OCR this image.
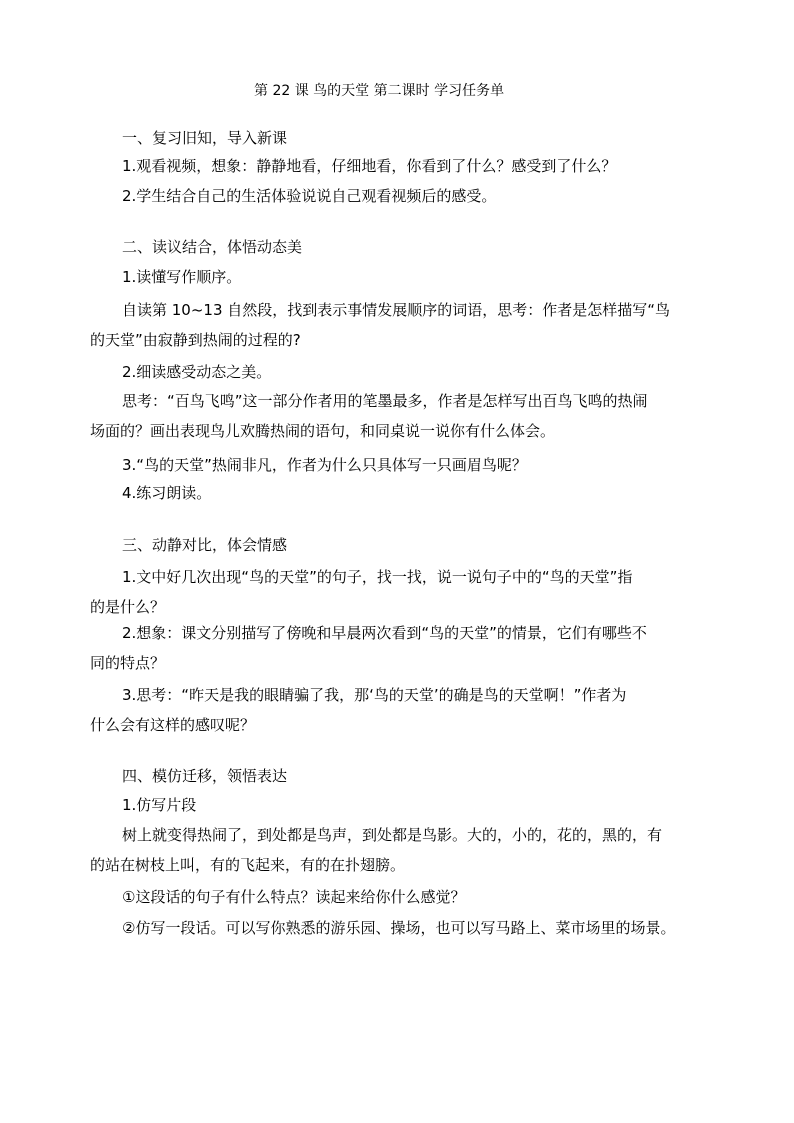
第 22 课 鸟的天堂 第二课时 学习任务单
一、复习旧知，导入新课
1.观看视频，想象：静静地看，仔细地看，你看到了什么？感受到了什么？
2.学生结合自己的生活体验说说自己观看视频后的感受。
二、读议结合，体悟动态美
1.读懂写作顺序。
自读第 10~13 自然段，找到表示事情发展顺序的词语，思考：作者是怎样描写“鸟
的天堂”由寂静到热闹的过程的?
2.细读感受动态之美。
思考：“百鸟飞鸣”这一部分作者用的笔墨最多，作者是怎样写出百鸟飞鸣的热闹
场面的？画出表现鸟儿欢腾热闹的语句，和同桌说一说你有什么体会。
3.“鸟的天堂”热闹非凡，作者为什么只具体写一只画眉鸟呢？
4.练习朗读。
三、动静对比，体会情感
1.文中好几次出现“鸟的天堂”的句子，找一找，说一说句子中的“鸟的天堂”指
的是什么？
2.想象：课文分别描写了傍晚和早晨两次看到“鸟的天堂”的情景，它们有哪些不
同的特点？
3.思考：“昨天是我的眼睛骗了我，那‘鸟的天堂’的确是鸟的天堂啊！”作者为
什么会有这样的感叹呢？
四、模仿迁移，领悟表达
1.仿写片段
树上就变得热闹了，到处都是鸟声，到处都是鸟影。大的，小的，花的，黑的，有
的站在树枝上叫，有的飞起来，有的在扑翅膀。
①这段话的句子有什么特点？读起来给你什么感觉？
②仿写一段话。可以写你熟悉的游乐园、操场，也可以写马路上、菜市场里的场景。
